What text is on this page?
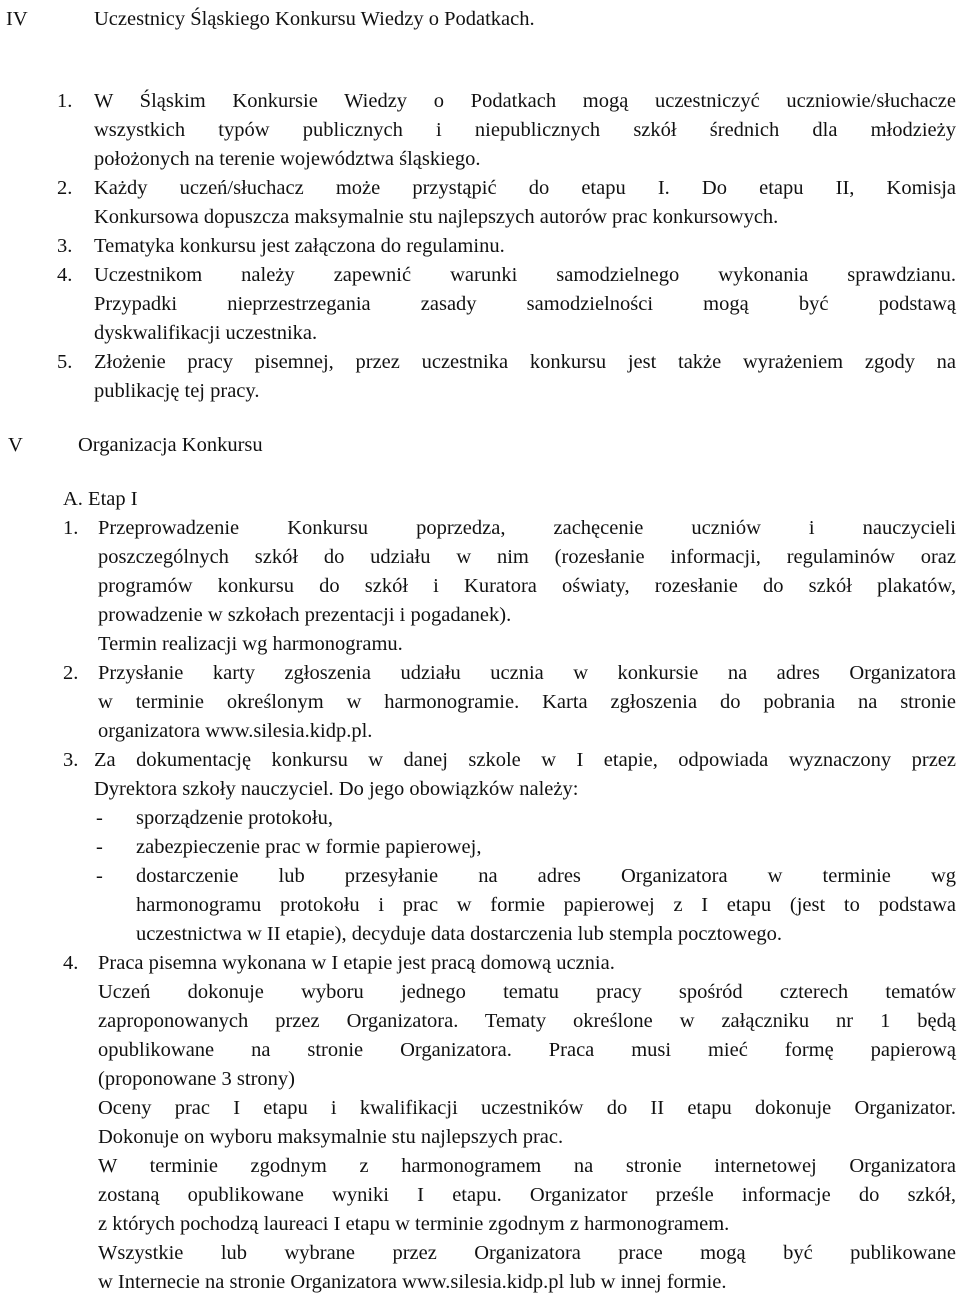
IV	Uczestnicy Śląskiego Konkursu Wiedzy o Podatkach.
1. W Śląskim Konkursie Wiedzy o Podatkach mogą uczestniczyć uczniowie/słuchacze
wszystkich typów publicznych i niepublicznych szkół średnich dla młodzieży
położonych na terenie województwa śląskiego.
2. Każdy uczeń/słuchacz może przystąpić do etapu I. Do etapu II, Komisja
Konkursowa dopuszcza maksymalnie stu najlepszych autorów prac konkursowych.
3. Tematyka konkursu jest załączona do regulaminu.
4. Uczestnikom należy zapewnić warunki samodzielnego wykonania sprawdzianu.
Przypadki nieprzestrzegania zasady samodzielności mogą być podstawą
dyskwalifikacji uczestnika.
5. Złożenie pracy pisemnej, przez uczestnika konkursu jest także wyrażeniem zgody na
publikację tej pracy.
V	Organizacja Konkursu
A. Etap I
1. Przeprowadzenie Konkursu poprzedza, zachęcenie uczniów i nauczycieli
poszczególnych szkół do udziału w nim (rozesłanie informacji, regulaminów oraz
programów konkursu do szkół i Kuratora oświaty, rozesłanie do szkół plakatów,
prowadzenie w szkołach prezentacji i pogadanek).
Termin realizacji wg harmonogramu.
2. Przysłanie karty zgłoszenia udziału ucznia w konkursie na adres Organizatora
w terminie określonym w harmonogramie. Karta zgłoszenia do pobrania na stronie
organizatora www.silesia.kidp.pl.
3. Za dokumentację konkursu w danej szkole w I etapie, odpowiada wyznaczony przez
Dyrektora szkoły nauczyciel. Do jego obowiązków należy:
- sporządzenie protokołu,
- zabezpieczenie prac w formie papierowej,
- dostarczenie lub przesyłanie na adres Organizatora w terminie wg
harmonogramu protokołu i prac w formie papierowej z I etapu (jest to podstawa
uczestnictwa w II etapie), decyduje data dostarczenia lub stempla pocztowego.
4. Praca pisemna wykonana w I etapie jest pracą domową ucznia.
Uczeń dokonuje wyboru jednego tematu pracy spośród czterech tematów
zaproponowanych przez Organizatora. Tematy określone w załączniku nr 1 będą
opublikowane na stronie Organizatora. Praca musi mieć formę papierową
(proponowane 3 strony)
Oceny prac I etapu i kwalifikacji uczestników do II etapu dokonuje Organizator.
Dokonuje on wyboru maksymalnie stu najlepszych prac.
W terminie zgodnym z harmonogramem na stronie internetowej Organizatora
zostaną opublikowane wyniki I etapu. Organizator prześle informacje do szkół,
z których pochodzą laureaci I etapu w terminie zgodnym z harmonogramem.
Wszystkie lub wybrane przez Organizatora prace mogą być publikowane
w Internecie na stronie Organizatora www.silesia.kidp.pl lub w innej formie.
